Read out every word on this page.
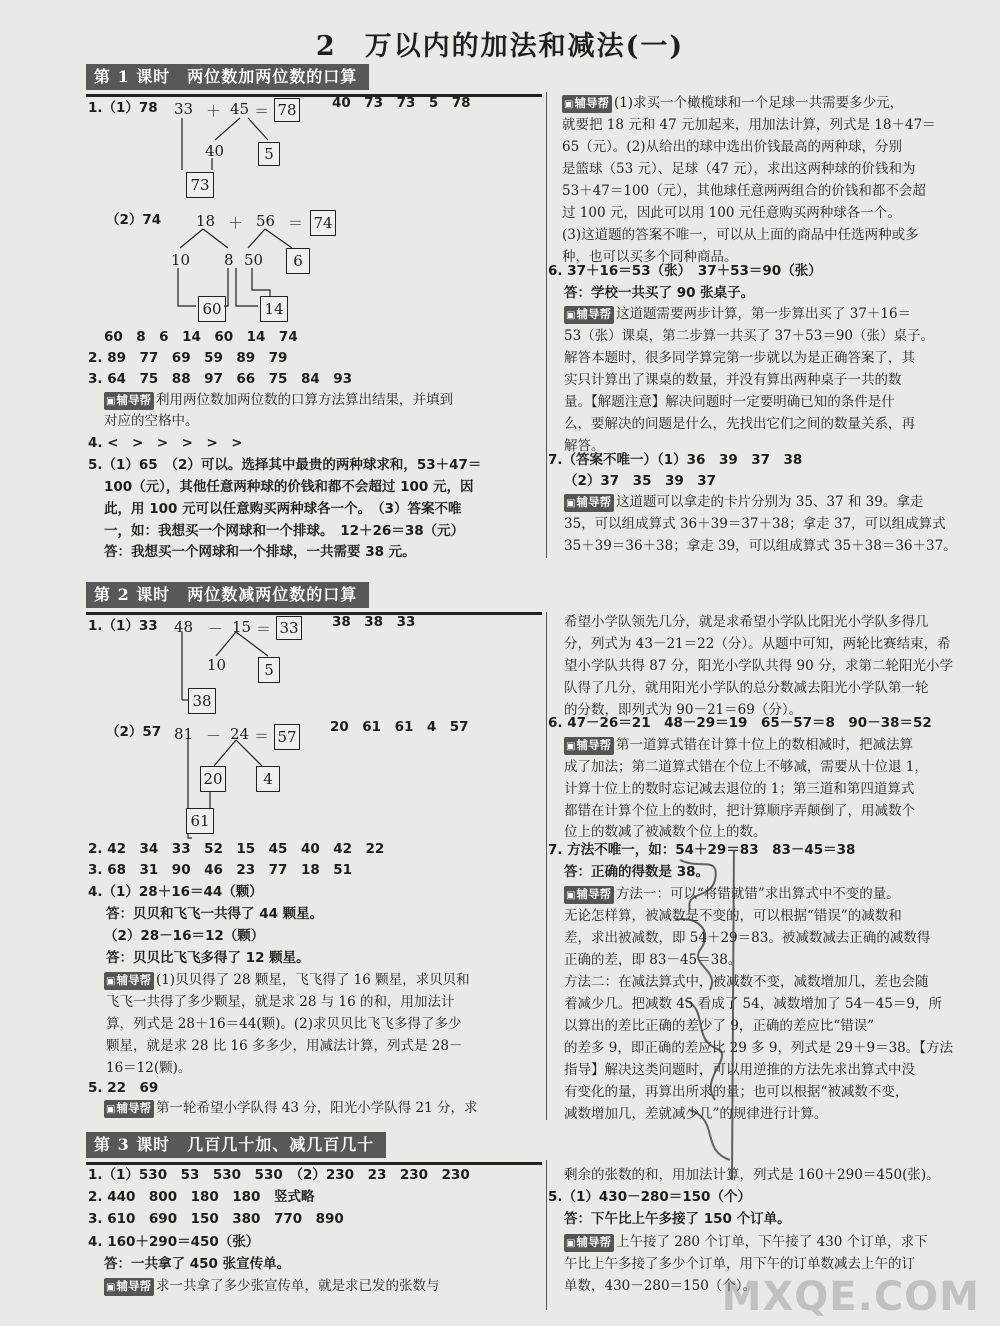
2 万以内的加法和减法(一)
第 1 课时　两位数加两位数的口算
1.（1）78	40　73　73　5　78
33 ＋ 45 ＝ 78
40	5
73
（2）74 18 ＋ 56 ＝ 74
10 8 50	6
60	14
60　8　6　14　60　14　74
2. 89　77　69　59　89　79
3. 64　75　88　97　66　75　84　93
▣ 辅导帮 利用两位数加两位数的口算方法算出结果，并填到
对应的空格中。
4. <　>　>　>　>　>
5.（1）65　（2）可以。选择其中最贵的两种球求和，53＋47＝
100（元），其他任意两种球的价钱和都不会超过 100 元，因
此，用 100 元可以任意购买两种球各一个。　（3）答案不唯
一，如：我想买一个网球和一个排球。　12＋26＝38（元）
答：我想买一个网球和一个排球，一共需要 38 元。
▣ 辅导帮 (1)求买一个橄榄球和一个足球一共需要多少元，
就要把 18 元和 47 元加起来，用加法计算，列式是 18＋47＝
65（元）。(2)从给出的球中选出价钱最高的两种球，分别
是篮球（53 元）、足球（47 元），求出这两种球的价钱和为
53＋47＝100（元），其他球任意两两组合的价钱和都不会超
过 100 元，因此可以用 100 元任意购买两种球各一个。
(3)这道题的答案不唯一，可以从上面的商品中任选两种或多
种，也可以买多个同种商品。
6. 37＋16＝53（张）　37＋53＝90（张）
答：学校一共买了 90 张桌子。
▣ 辅导帮 这道题需要两步计算，第一步算出买了 37＋16＝
53（张）课桌，第二步算一共买了 37＋53＝90（张）桌子。
解答本题时，很多同学算完第一步就以为是正确答案了，其
实只计算出了课桌的数量，并没有算出两种桌子一共的数
量。【解题注意】解决问题时一定要明确已知的条件是什
么，要解决的问题是什么，先找出它们之间的数量关系，再
解答。
7.（答案不唯一）（1）36　39　37　38
（2）37　35　39　37
▣ 辅导帮 这道题可以拿走的卡片分别为 35、37 和 39。拿走
35，可以组成算式 36＋39＝37＋38；拿走 37，可以组成算式
35＋39＝36＋38；拿走 39，可以组成算式 35＋38＝36＋37。
第 2 课时　两位数减两位数的口算
1.（1）33	38　38　33
48 － 15 ＝ 33
10	5
38
（2）57 81 － 24 ＝ 57
20	4
61
20　61　61　4　57
2. 42　34　33　52　15　45　40　42　22
3. 68　31　90　46　23　77　18　51
4.（1）28＋16＝44（颗）
答：贝贝和飞飞一共得了 44 颗星。
（2）28－16＝12（颗）
答：贝贝比飞飞多得了 12 颗星。
▣ 辅导帮 (1)贝贝得了 28 颗星，飞飞得了 16 颗星，求贝贝和
飞飞一共得了多少颗星，就是求 28 与 16 的和，用加法计
算，列式是 28＋16＝44(颗)。(2)求贝贝比飞飞多得了多少
颗星，就是求 28 比 16 多多少，用减法计算，列式是 28－
16＝12(颗)。
5. 22　69
▣ 辅导帮 第一轮希望小学队得 43 分，阳光小学队得 21 分，求
希望小学队领先几分，就是求希望小学队比阳光小学队多得几
分，列式为 43－21＝22（分）。从题中可知，两轮比赛结束，希
望小学队共得 87 分，阳光小学队共得 90 分，求第二轮阳光小学
队得了几分，就用阳光小学队的总分数减去阳光小学队第一轮
的分数，即列式为 90－21＝69（分）。
6. 47－26＝21　48－29＝19　65－57＝8　90－38＝52
▣ 辅导帮 第一道算式错在计算十位上的数相减时，把减法算
成了加法；第二道算式错在个位上不够减，需要从十位退 1，
计算十位上的数时忘记减去退位的 1；第三道和第四道算式
都错在计算个位上的数时，把计算顺序弄颠倒了，用减数个
位上的数减了被减数个位上的数。
7. 方法不唯一，如：54＋29＝83　83－45＝38
答：正确的得数是 38。
▣ 辅导帮 方法一：可以“将错就错”求出算式中不变的量。
无论怎样算，被减数是不变的，可以根据“错误”的减数和
差，求出被减数，即 54＋29＝83。被减数减去正确的减数得
正确的差，即 83－45＝38。
方法二：在减法算式中，被减数不变，减数增加几，差也会随
着减少几。把减数 45 看成了 54，减数增加了 54－45＝9，所
以算出的差比正确的差少了 9，正确的差应比“错误”
的差多 9，即正确的差应比 29 多 9，列式是 29＋9＝38。【方法
指导】解决这类问题时，可以用逆推的方法先求出算式中没
有变化的量，再算出所求的量；也可以根据“被减数不变，
减数增加几，差就减少几”的规律进行计算。
第 3 课时　几百几十加、减几百几十
1.（1）530　53　530　530　（2）230　23　230　230
2. 440　800　180　180　竖式略
3. 610　690　150　380　770　890
4. 160＋290＝450（张）
答：一共拿了 450 张宣传单。
▣ 辅导帮 求一共拿了多少张宣传单，就是求已发的张数与
剩余的张数的和，用加法计算，列式是 160＋290＝450(张)。
5.（1）430－280＝150（个）
答：下午比上午多接了 150 个订单。
▣ 辅导帮 上午接了 280 个订单，下午接了 430 个订单，求下
午比上午多接了多少个订单，用下午的订单数减去上午的订
单数，430－280＝150（个）。
MXQE.COM
